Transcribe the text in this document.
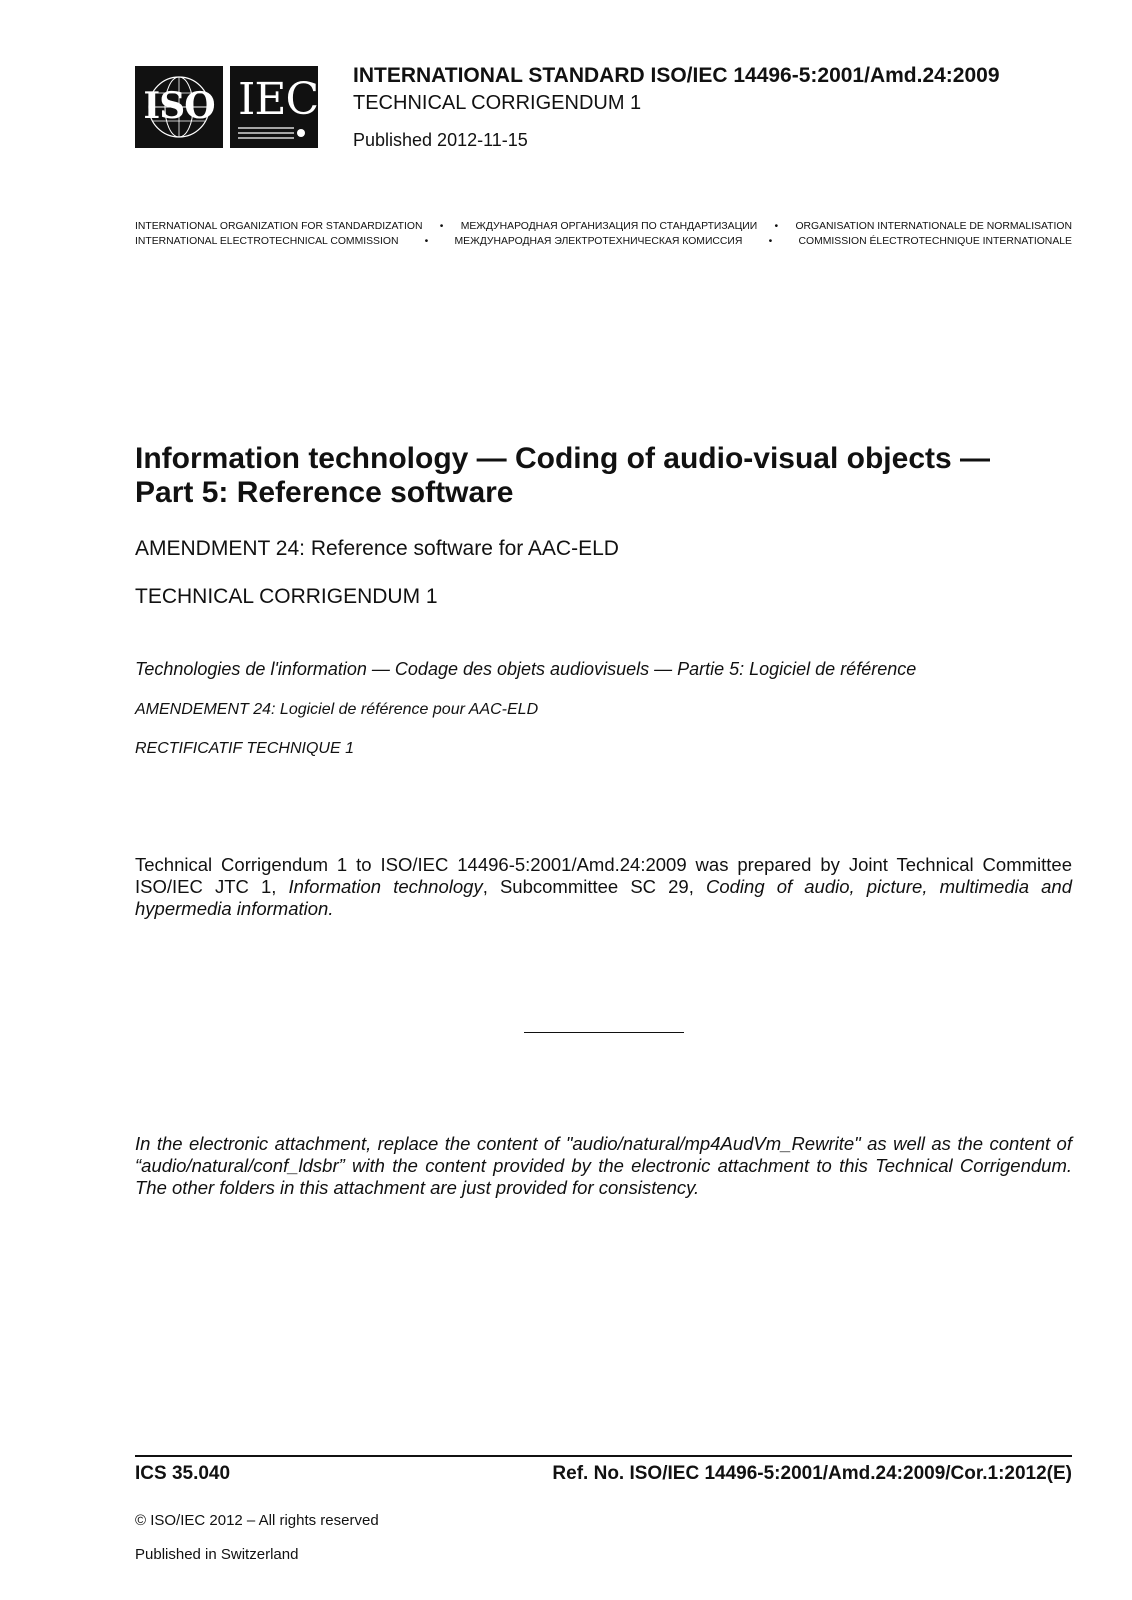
ISO IEC INTERNATIONAL STANDARD ISO/IEC 14496-5:2001/Amd.24:2009
TECHNICAL CORRIGENDUM 1
Published 2012-11-15
INTERNATIONAL ORGANIZATION FOR STANDARDIZATION • МЕЖДУНАРОДНАЯ ОРГАНИЗАЦИЯ ПО СТАНДАРТИЗАЦИИ • ORGANISATION INTERNATIONALE DE NORMALISATION
INTERNATIONAL ELECTROTECHNICAL COMMISSION	•	МЕЖДУНАРОДНАЯ ЭЛЕКТРОТЕХНИЧЕСКАЯ КОМИССИЯ	•	COMMISSION ÉLECTROTECHNIQUE INTERNATIONALE
Information technology — Coding of audio-visual objects —
Part 5: Reference software
AMENDMENT 24: Reference software for AAC-ELD
TECHNICAL CORRIGENDUM 1
Technologies de l'information — Codage des objets audiovisuels — Partie 5: Logiciel de référence
AMENDEMENT 24: Logiciel de référence pour AAC-ELD
RECTIFICATIF TECHNIQUE 1
Technical Corrigendum 1 to ISO/IEC 14496-5:2001/Amd.24:2009 was prepared by Joint Technical Committee ISO/IEC JTC 1, Information technology, Subcommittee SC 29, Coding of audio, picture, multimedia and hypermedia information.
In the electronic attachment, replace the content of "audio/natural/mp4AudVm_Rewrite" as well as the content of “audio/natural/conf_ldsbr” with the content provided by the electronic attachment to this Technical Corrigendum. The other folders in this attachment are just provided for consistency.
ICS 35.040	Ref. No. ISO/IEC 14496-5:2001/Amd.24:2009/Cor.1:2012(E)
© ISO/IEC 2012 – All rights reserved
Published in Switzerland
